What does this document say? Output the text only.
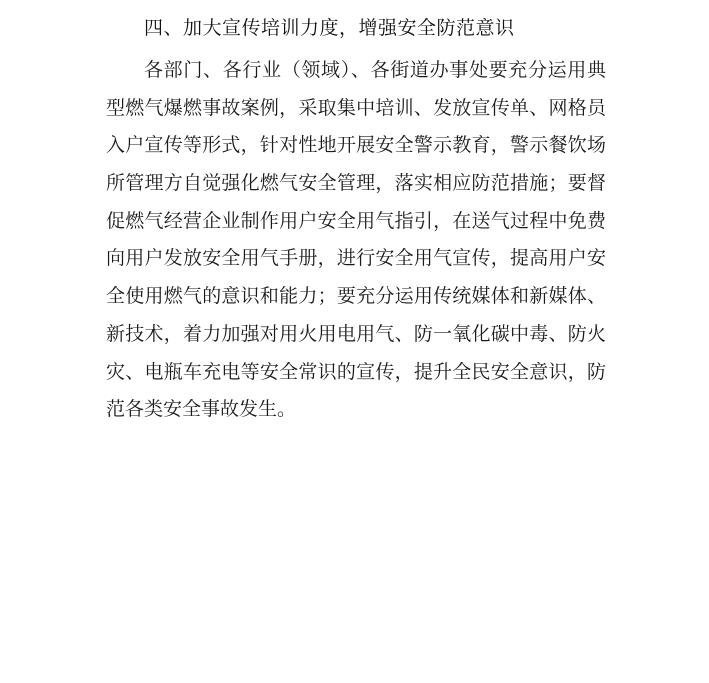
四、加大宣传培训力度，增强安全防范意识
各部门、各行业（领域）、各街道办事处要充分运用典
型燃气爆燃事故案例，采取集中培训、发放宣传单、网格员
入户宣传等形式，针对性地开展安全警示教育，警示餐饮场
所管理方自觉强化燃气安全管理，落实相应防范措施；要督
促燃气经营企业制作用户安全用气指引，在送气过程中免费
向用户发放安全用气手册，进行安全用气宣传，提高用户安
全使用燃气的意识和能力；要充分运用传统媒体和新媒体、
新技术，着力加强对用火用电用气、防一氧化碳中毒、防火
灾、电瓶车充电等安全常识的宣传，提升全民安全意识，防
范各类安全事故发生。
